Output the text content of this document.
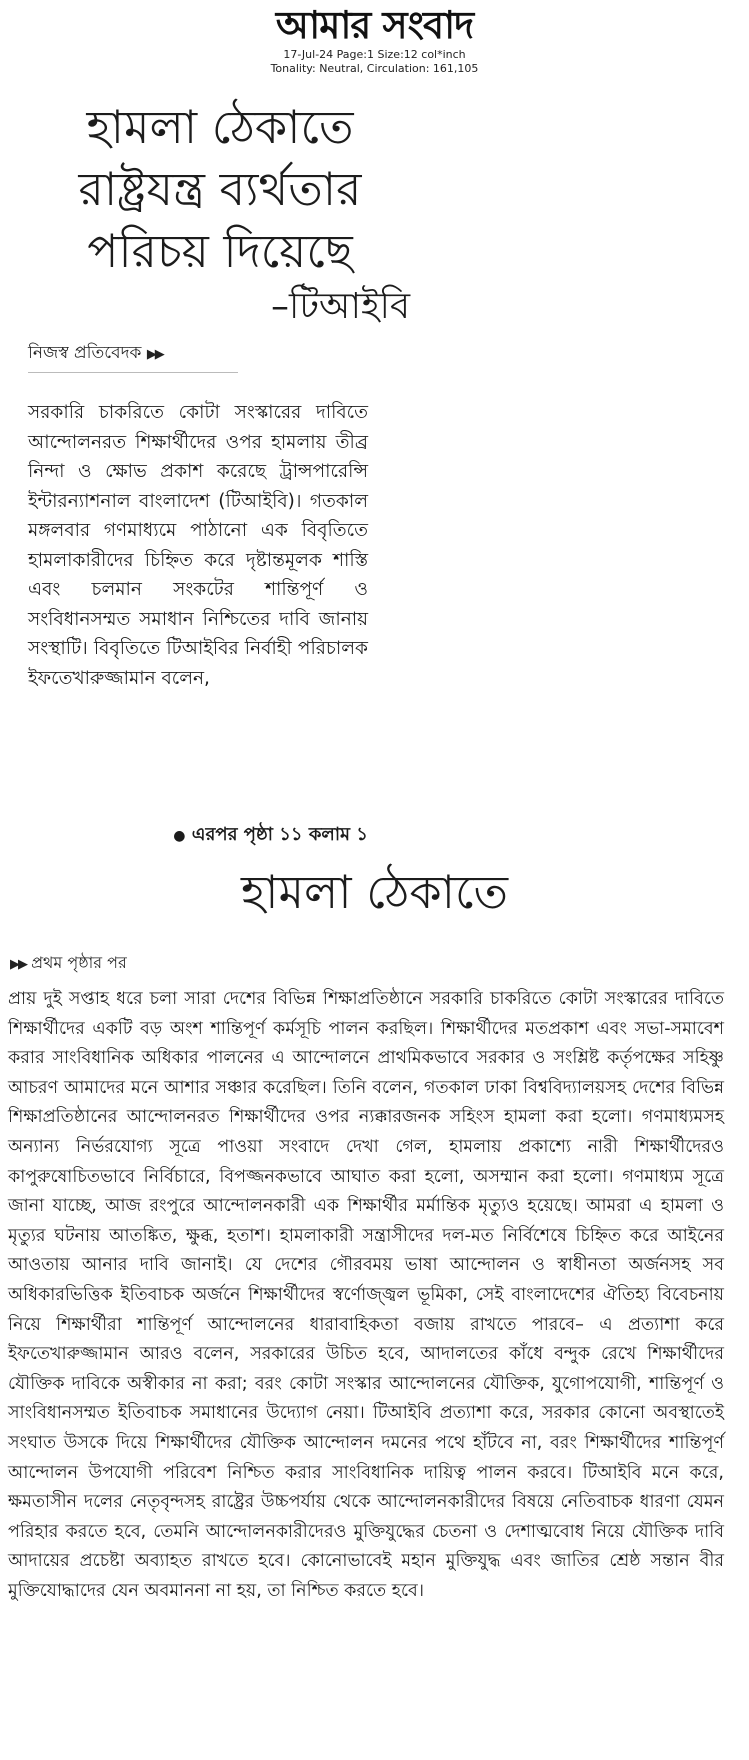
আমার সংবাদ
17-Jul-24 Page:1 Size:12 col*inch
Tonality: Neutral, Circulation: 161,105
হামলা ঠেকাতে
রাষ্ট্রযন্ত্র ব্যর্থতার
পরিচয় দিয়েছে
–টিআইবি
নিজস্ব প্রতিবেদক ▶▶
সরকারি চাকরিতে কোটা সংস্কারের দাবিতে আন্দোলনরত শিক্ষার্থীদের ওপর হামলায় তীব্র নিন্দা ও ক্ষোভ প্রকাশ করেছে ট্রান্সপারেন্সি ইন্টারন্যাশনাল বাংলাদেশ (টিআইবি)। গতকাল মঙ্গলবার গণমাধ্যমে পাঠানো এক বিবৃতিতে হামলাকারীদের চিহ্নিত করে দৃষ্টান্তমূলক শাস্তি এবং চলমান সংকটের শান্তিপূর্ণ ও সংবিধানসম্মত সমাধান নিশ্চিতের দাবি জানায় সংস্থাটি। বিবৃতিতে টিআইবির নির্বাহী পরিচালক ইফতেখারুজ্জামান বলেন,
● এরপর পৃষ্ঠা ১১ কলাম ১
হামলা ঠেকাতে
▶▶ প্রথম পৃষ্ঠার পর
প্রায় দুই সপ্তাহ ধরে চলা সারা দেশের বিভিন্ন শিক্ষাপ্রতিষ্ঠানে সরকারি চাকরিতে কোটা সংস্কারের দাবিতে শিক্ষার্থীদের একটি বড় অংশ শান্তিপূর্ণ কর্মসূচি পালন করছিল। শিক্ষার্থীদের মতপ্রকাশ এবং সভা-সমাবেশ করার সাংবিধানিক অধিকার পালনের এ আন্দোলনে প্রাথমিকভাবে সরকার ও সংশ্লিষ্ট কর্তৃপক্ষের সহিষ্ণু আচরণ আমাদের মনে আশার সঞ্চার করেছিল। তিনি বলেন, গতকাল ঢাকা বিশ্ববিদ্যালয়সহ দেশের বিভিন্ন শিক্ষাপ্রতিষ্ঠানের আন্দোলনরত শিক্ষার্থীদের ওপর ন্যক্কারজনক সহিংস হামলা করা হলো। গণমাধ্যমসহ অন্যান্য নির্ভরযোগ্য সূত্রে পাওয়া সংবাদে দেখা গেল, হামলায় প্রকাশ্যে নারী শিক্ষার্থীদেরও কাপুরুষোচিতভাবে নির্বিচারে, বিপজ্জনকভাবে আঘাত করা হলো, অসম্মান করা হলো। গণমাধ্যম সূত্রে জানা যাচ্ছে, আজ রংপুরে আন্দোলনকারী এক শিক্ষার্থীর মর্মান্তিক মৃত্যুও হয়েছে। আমরা এ হামলা ও মৃত্যুর ঘটনায় আতঙ্কিত, ক্ষুব্ধ, হতাশ। হামলাকারী সন্ত্রাসীদের দল-মত নির্বিশেষে চিহ্নিত করে আইনের আওতায় আনার দাবি জানাই। যে দেশের গৌরবময় ভাষা আন্দোলন ও স্বাধীনতা অর্জনসহ সব অধিকারভিত্তিক ইতিবাচক অর্জনে শিক্ষার্থীদের স্বর্ণোজ্জ্বল ভূমিকা, সেই বাংলাদেশের ঐতিহ্য বিবেচনায় নিয়ে শিক্ষার্থীরা শান্তিপূর্ণ আন্দোলনের ধারাবাহিকতা বজায় রাখতে পারবে– এ প্রত্যাশা করে ইফতেখারুজ্জামান আরও বলেন, সরকারের উচিত হবে, আদালতের কাঁধে বন্দুক রেখে শিক্ষার্থীদের যৌক্তিক দাবিকে অস্বীকার না করা; বরং কোটা সংস্কার আন্দোলনের যৌক্তিক, যুগোপযোগী, শান্তিপূর্ণ ও সাংবিধানসম্মত ইতিবাচক সমাধানের উদ্যোগ নেয়া। টিআইবি প্রত্যাশা করে, সরকার কোনো অবস্থাতেই সংঘাত উসকে দিয়ে শিক্ষার্থীদের যৌক্তিক আন্দোলন দমনের পথে হাঁটবে না, বরং শিক্ষার্থীদের শান্তিপূর্ণ আন্দোলন উপযোগী পরিবেশ নিশ্চিত করার সাংবিধানিক দায়িত্ব পালন করবে। টিআইবি মনে করে, ক্ষমতাসীন দলের নেতৃবৃন্দসহ রাষ্ট্রের উচ্চপর্যায় থেকে আন্দোলনকারীদের বিষয়ে নেতিবাচক ধারণা যেমন পরিহার করতে হবে, তেমনি আন্দোলনকারীদেরও মুক্তিযুদ্ধের চেতনা ও দেশাত্মবোধ নিয়ে যৌক্তিক দাবি আদায়ের প্রচেষ্টা অব্যাহত রাখতে হবে। কোনোভাবেই মহান মুক্তিযুদ্ধ এবং জাতির শ্রেষ্ঠ সন্তান বীর মুক্তিযোদ্ধাদের যেন অবমাননা না হয়, তা নিশ্চিত করতে হবে।
